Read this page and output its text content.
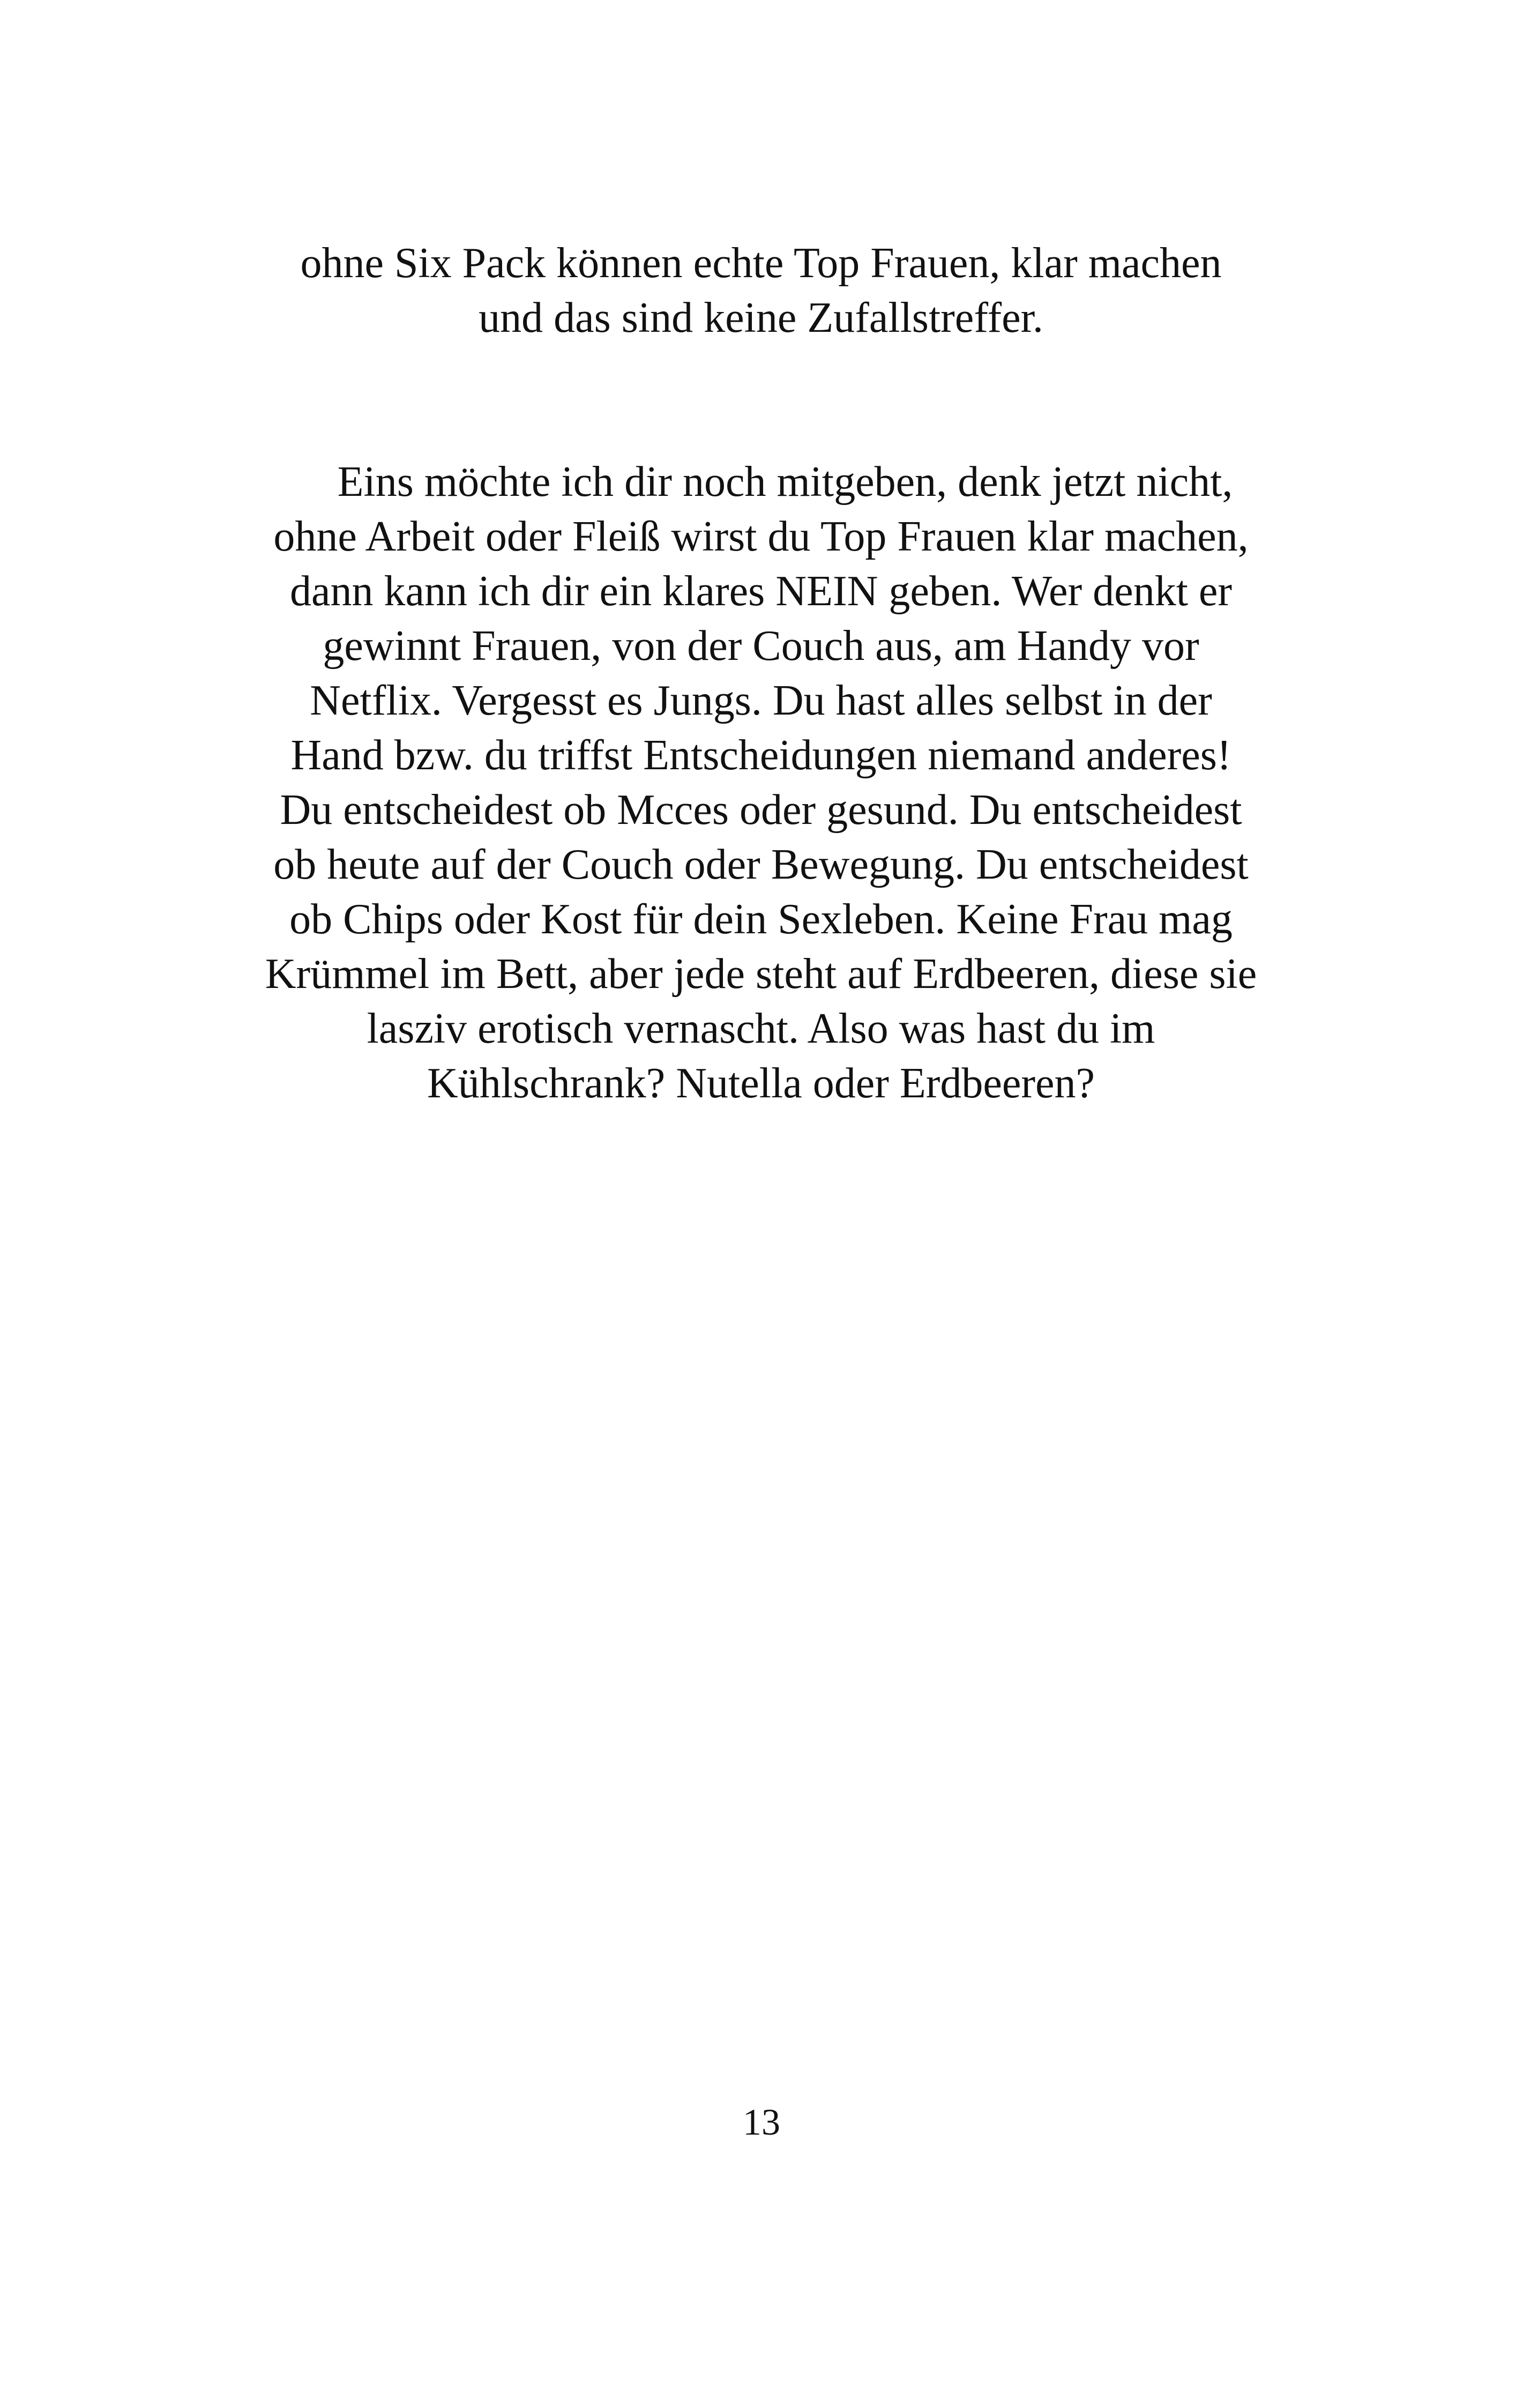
ohne Six Pack können echte Top Frauen, klar machen
und das sind keine Zufallstreffer.
Eins möchte ich dir noch mitgeben, denk jetzt nicht,
ohne Arbeit oder Fleiß wirst du Top Frauen klar machen,
dann kann ich dir ein klares NEIN geben. Wer denkt er
gewinnt Frauen, von der Couch aus, am Handy vor
Netflix. Vergesst es Jungs. Du hast alles selbst in der
Hand bzw. du triffst Entscheidungen niemand anderes!
Du entscheidest ob Mcces oder gesund. Du entscheidest
ob heute auf der Couch oder Bewegung. Du entscheidest
ob Chips oder Kost für dein Sexleben. Keine Frau mag
Krümmel im Bett, aber jede steht auf Erdbeeren, diese sie
lasziv erotisch vernascht. Also was hast du im
Kühlschrank? Nutella oder Erdbeeren?
13
